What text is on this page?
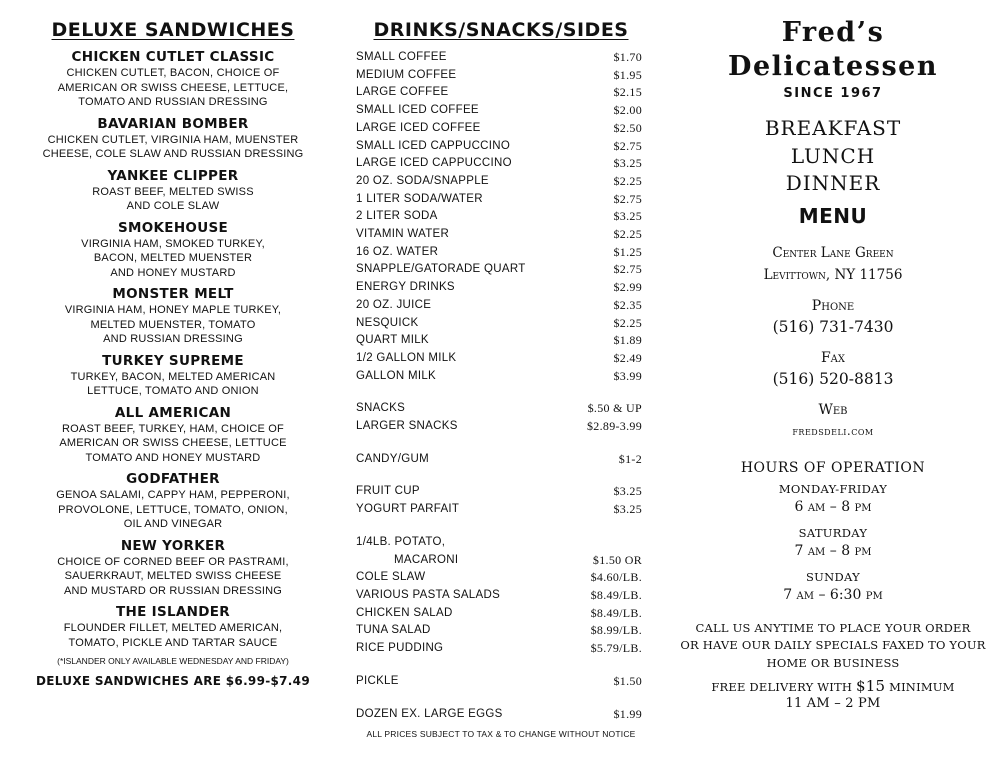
DELUXE SANDWICHES
CHICKEN CUTLET CLASSIC
CHICKEN CUTLET, BACON, CHOICE OF
AMERICAN OR SWISS CHEESE, LETTUCE,
TOMATO AND RUSSIAN DRESSING
BAVARIAN BOMBER
CHICKEN CUTLET, VIRGINIA HAM, MUENSTER
CHEESE, COLE SLAW AND RUSSIAN DRESSING
YANKEE CLIPPER
ROAST BEEF, MELTED SWISS
AND COLE SLAW
SMOKEHOUSE
VIRGINIA HAM, SMOKED TURKEY,
BACON, MELTED MUENSTER
AND HONEY MUSTARD
MONSTER MELT
VIRGINIA HAM, HONEY MAPLE TURKEY,
MELTED MUENSTER, TOMATO
AND RUSSIAN DRESSING
TURKEY SUPREME
TURKEY, BACON, MELTED AMERICAN
LETTUCE, TOMATO AND ONION
ALL AMERICAN
ROAST BEEF, TURKEY, HAM, CHOICE OF
AMERICAN OR SWISS CHEESE, LETTUCE
TOMATO AND HONEY MUSTARD
GODFATHER
GENOA SALAMI, CAPPY HAM, PEPPERONI,
PROVOLONE, LETTUCE, TOMATO, ONION,
OIL AND VINEGAR
NEW YORKER
CHOICE OF CORNED BEEF OR PASTRAMI,
SAUERKRAUT, MELTED SWISS CHEESE
AND MUSTARD OR RUSSIAN DRESSING
THE ISLANDER
FLOUNDER FILLET, MELTED AMERICAN,
TOMATO, PICKLE AND TARTAR SAUCE
(*ISLANDER ONLY AVAILABLE WEDNESDAY AND FRIDAY)
DELUXE SANDWICHES ARE $6.99-$7.49
DRINKS/SNACKS/SIDES
SMALL COFFEE	$1.70
MEDIUM COFFEE	$1.95
LARGE COFFEE	$2.15
SMALL ICED COFFEE	$2.00
LARGE ICED COFFEE	$2.50
SMALL ICED CAPPUCCINO	$2.75
LARGE ICED CAPPUCCINO	$3.25
20 OZ. SODA/SNAPPLE	$2.25
1 LITER SODA/WATER	$2.75
2 LITER SODA	$3.25
VITAMIN WATER	$2.25
16 OZ. WATER	$1.25
SNAPPLE/GATORADE QUART	$2.75
ENERGY DRINKS	$2.99
20 OZ. JUICE	$2.35
NESQUICK	$2.25
QUART MILK	$1.89
1/2 GALLON MILK	$2.49
GALLON MILK	$3.99
SNACKS	$.50 & UP
LARGER SNACKS	$2.89-3.99
CANDY/GUM	$1-2
FRUIT CUP	$3.25
YOGURT PARFAIT	$3.25
1/4LB. POTATO,
MACARONI	$1.50 OR
COLE SLAW	$4.60/LB.
VARIOUS PASTA SALADS	$8.49/LB.
CHICKEN SALAD	$8.49/LB.
TUNA SALAD	$8.99/LB.
RICE PUDDING	$5.79/LB.
PICKLE	$1.50
DOZEN EX. LARGE EGGS	$1.99
ALL PRICES SUBJECT TO TAX & TO CHANGE WITHOUT NOTICE
Fred’s
Delicatessen
SINCE 1967
BREAKFAST
LUNCH
DINNER
MENU
Center Lane Green
Levittown, NY 11756
Phone
(516) 731-7430
Fax
(516) 520-8813
Web
fredsdeli.com
HOURS OF OPERATION
MONDAY-FRIDAY
6 am – 8 pm
SATURDAY
7 am – 8 pm
SUNDAY
7 am – 6:30 pm
CALL US ANYTIME TO PLACE YOUR ORDER
OR HAVE OUR DAILY SPECIALS FAXED TO YOUR
HOME OR BUSINESS
FREE DELIVERY WITH $15 MINIMUM
11 AM – 2 PM
